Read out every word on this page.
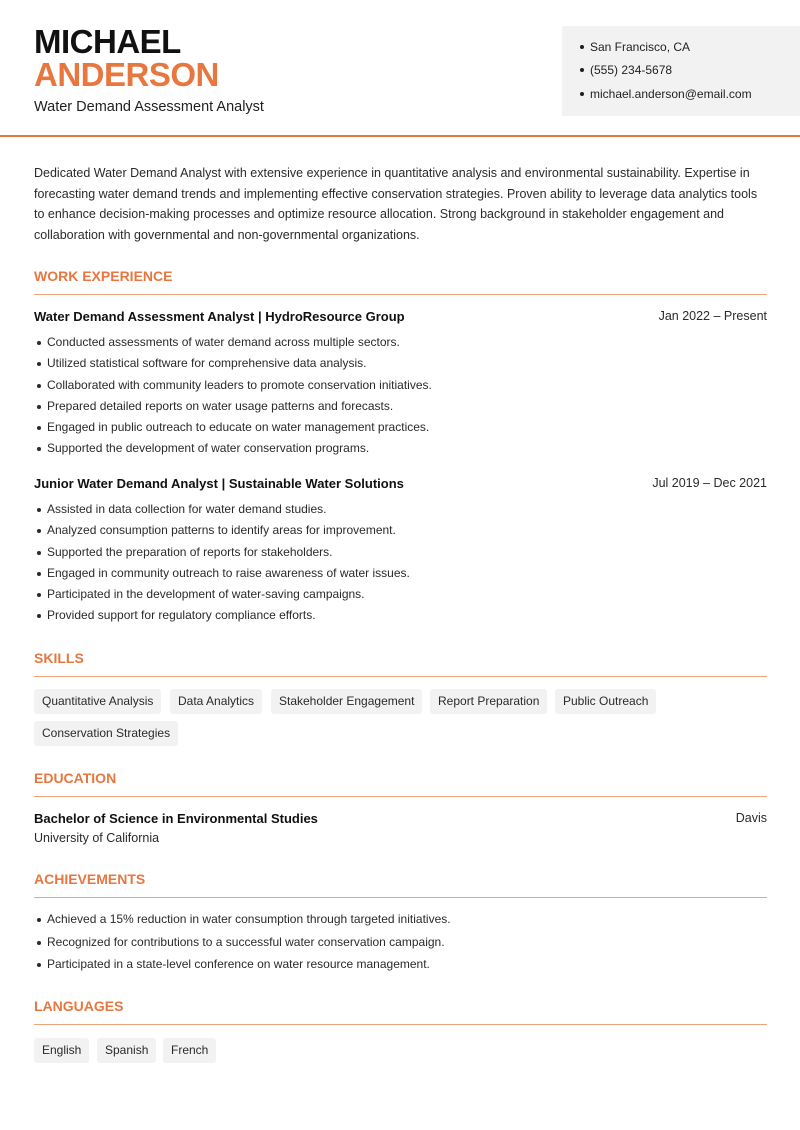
MICHAEL
ANDERSON
Water Demand Assessment Analyst
San Francisco, CA
(555) 234-5678
michael.anderson@email.com
Dedicated Water Demand Analyst with extensive experience in quantitative analysis and environmental sustainability. Expertise in forecasting water demand trends and implementing effective conservation strategies. Proven ability to leverage data analytics tools to enhance decision-making processes and optimize resource allocation. Strong background in stakeholder engagement and collaboration with governmental and non-governmental organizations.
WORK EXPERIENCE
Water Demand Assessment Analyst | HydroResource Group	Jan 2022 – Present
Conducted assessments of water demand across multiple sectors.
Utilized statistical software for comprehensive data analysis.
Collaborated with community leaders to promote conservation initiatives.
Prepared detailed reports on water usage patterns and forecasts.
Engaged in public outreach to educate on water management practices.
Supported the development of water conservation programs.
Junior Water Demand Analyst | Sustainable Water Solutions	Jul 2019 – Dec 2021
Assisted in data collection for water demand studies.
Analyzed consumption patterns to identify areas for improvement.
Supported the preparation of reports for stakeholders.
Engaged in community outreach to raise awareness of water issues.
Participated in the development of water-saving campaigns.
Provided support for regulatory compliance efforts.
SKILLS
Quantitative Analysis	Data Analytics	Stakeholder Engagement	Report Preparation	Public Outreach
Conservation Strategies
EDUCATION
Bachelor of Science in Environmental Studies	Davis
University of California
ACHIEVEMENTS
Achieved a 15% reduction in water consumption through targeted initiatives.
Recognized for contributions to a successful water conservation campaign.
Participated in a state-level conference on water resource management.
LANGUAGES
English	Spanish	French
